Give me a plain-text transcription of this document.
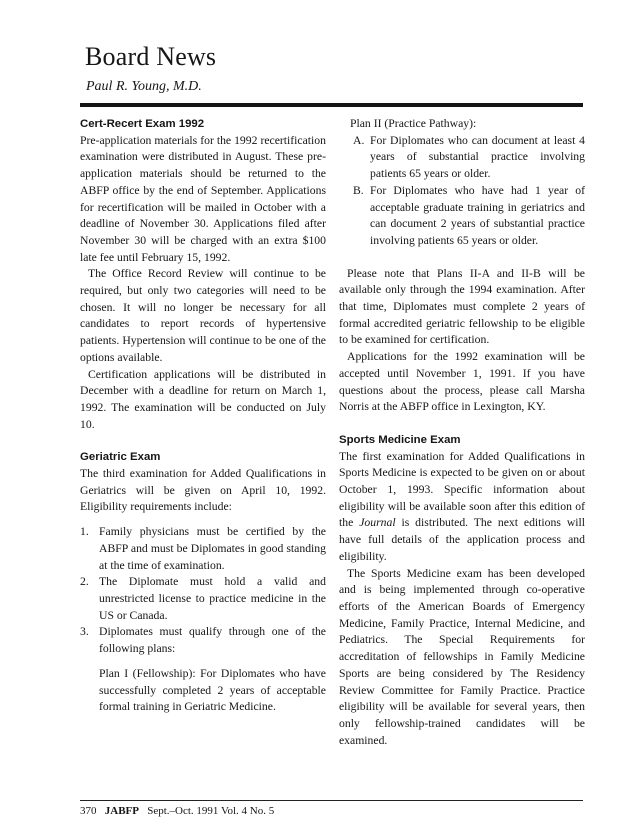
Board News
Paul R. Young, M.D.
Cert-Recert Exam 1992

Pre-application materials for the 1992 recertification examination were distributed in August. These pre-application materials should be returned to the ABFP office by the end of September. Applications for recertification will be mailed in October with a deadline of November 30. Applications filed after November 30 will be charged with an extra $100 late fee until February 15, 1992.

The Office Record Review will continue to be required, but only two categories will need to be chosen. It will no longer be necessary for all candidates to report records of hypertensive patients. Hypertension will continue to be one of the options available.

Certification applications will be distributed in December with a deadline for return on March 1, 1992. The examination will be conducted on July 10.

Geriatric Exam

The third examination for Added Qualifications in Geriatrics will be given on April 10, 1992. Eligibility requirements include:

1. Family physicians must be certified by the ABFP and must be Diplomates in good standing at the time of examination.
2. The Diplomate must hold a valid and unrestricted license to practice medicine in the US or Canada.
3. Diplomates must qualify through one of the following plans:
Plan I (Fellowship): For Diplomates who have successfully completed 2 years of acceptable formal training in Geriatric Medicine.
Plan II (Practice Pathway):
A. For Diplomates who can document at least 4 years of substantial practice involving patients 65 years or older.
B. For Diplomates who have had 1 year of acceptable graduate training in geriatrics and can document 2 years of substantial practice involving patients 65 years or older.

Please note that Plans II-A and II-B will be available only through the 1994 examination. After that time, Diplomates must complete 2 years of formal accredited geriatric fellowship to be eligible to be examined for certification.

Applications for the 1992 examination will be accepted until November 1, 1991. If you have questions about the process, please call Marsha Norris at the ABFP office in Lexington, KY.

Sports Medicine Exam

The first examination for Added Qualifications in Sports Medicine is expected to be given on or about October 1, 1993. Specific information about eligibility will be available soon after this edition of the Journal is distributed. The next editions will have full details of the application process and eligibility.

The Sports Medicine exam has been developed and is being implemented through co-operative efforts of the American Boards of Emergency Medicine, Family Practice, Internal Medicine, and Pediatrics. The Special Requirements for accreditation of fellowships in Family Medicine Sports are being considered by The Residency Review Committee for Family Practice. Practice eligibility will be available for several years, then only fellowship-trained candidates will be examined.

370 JABFP Sept.–Oct. 1991 Vol. 4 No. 5
